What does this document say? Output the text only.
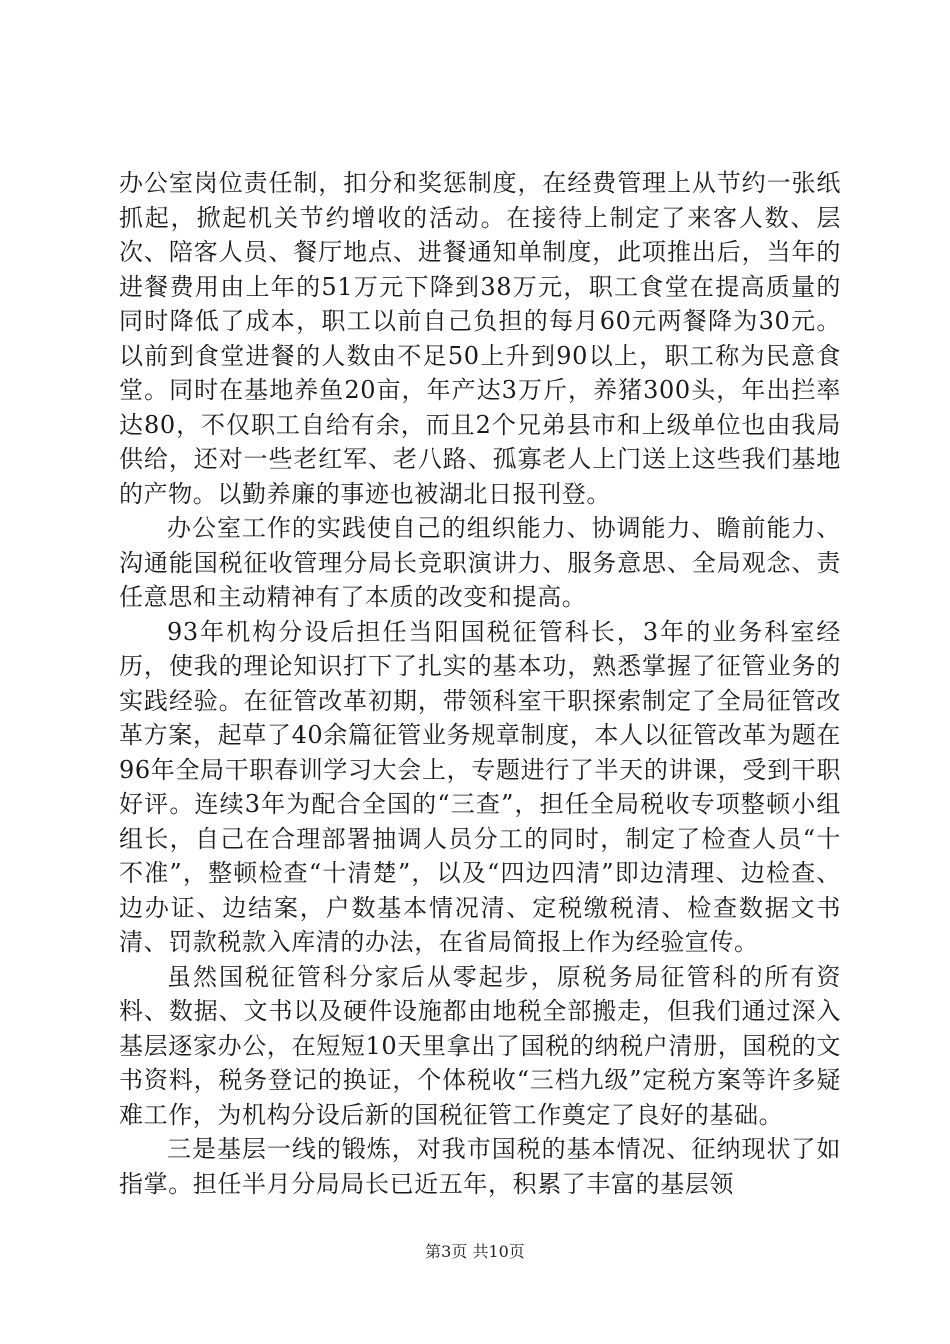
办公室岗位责任制，扣分和奖惩制度，在经费管理上从节约一张纸抓起，掀起机关节约增收的活动。在接待上制定了来客人数、层次、陪客人员、餐厅地点、进餐通知单制度，此项推出后，当年的进餐费用由上年的51万元下降到38万元，职工食堂在提高质量的同时降低了成本，职工以前自己负担的每月60元两餐降为30元。以前到食堂进餐的人数由不足50上升到90以上，职工称为民意食堂。同时在基地养鱼20亩，年产达3万斤，养猪300头，年出拦率达80，不仅职工自给有余，而且2个兄弟县市和上级单位也由我局供给，还对一些老红军、老八路、孤寡老人上门送上这些我们基地的产物。以勤养廉的事迹也被湖北日报刊登。

办公室工作的实践使自己的组织能力、协调能力、瞻前能力、沟通能国税征收管理分局长竞职演讲力、服务意思、全局观念、责任意思和主动精神有了本质的改变和提高。

93年机构分设后担任当阳国税征管科长，3年的业务科室经历，使我的理论知识打下了扎实的基本功，熟悉掌握了征管业务的实践经验。在征管改革初期，带领科室干职探索制定了全局征管改革方案，起草了40余篇征管业务规章制度，本人以征管改革为题在96年全局干职春训学习大会上，专题进行了半天的讲课，受到干职好评。连续3年为配合全国的“三查”，担任全局税收专项整顿小组组长，自己在合理部署抽调人员分工的同时，制定了检查人员“十不准”，整顿检查“十清楚”，以及“四边四清”即边清理、边检查、边办证、边结案，户数基本情况清、定税缴税清、检查数据文书清、罚款税款入库清的办法，在省局简报上作为经验宣传。

虽然国税征管科分家后从零起步，原税务局征管科的所有资料、数据、文书以及硬件设施都由地税全部搬走，但我们通过深入基层逐家办公，在短短10天里拿出了国税的纳税户清册，国税的文书资料，税务登记的换证，个体税收“三档九级”定税方案等许多疑难工作，为机构分设后新的国税征管工作奠定了良好的基础。

三是基层一线的锻炼，对我市国税的基本情况、征纳现状了如指掌。担任半月分局局长已近五年，积累了丰富的基层领

第3页 共10页
